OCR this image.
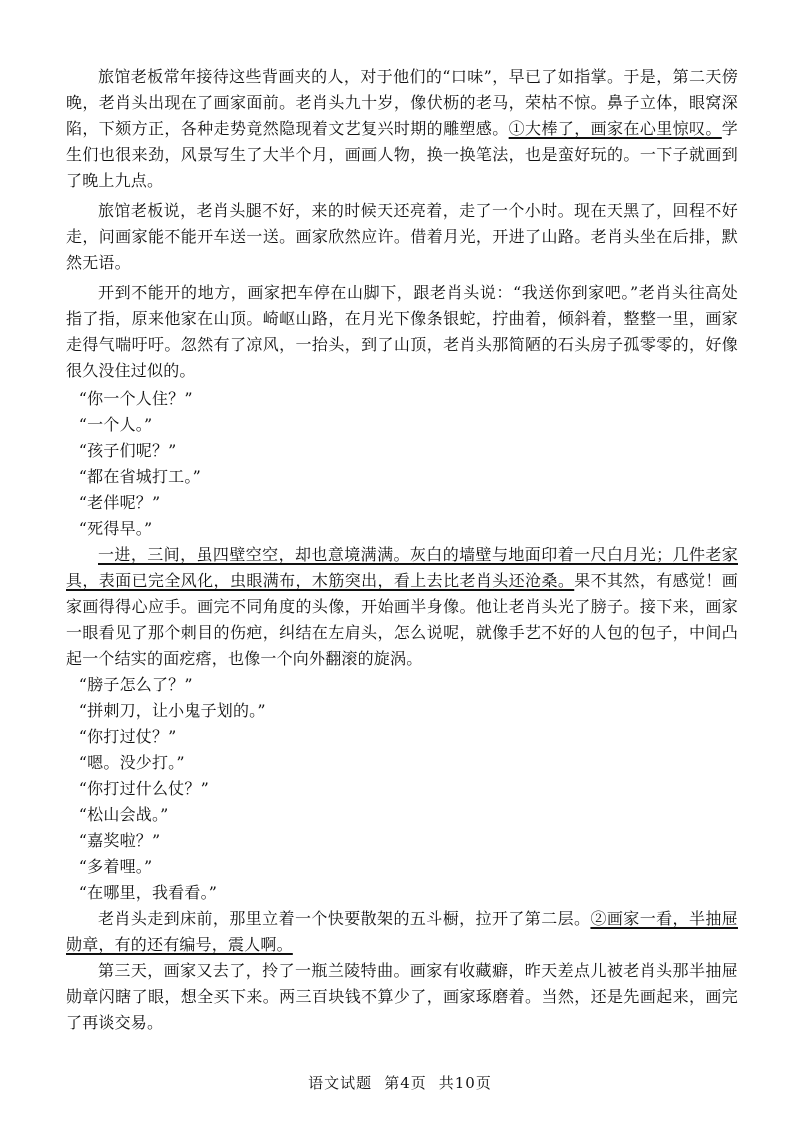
旅馆老板常年接待这些背画夹的人，对于他们的“口味”，早已了如指掌。于是，第二天傍晚，老肖头出现在了画家面前。老肖头九十岁，像伏枥的老马，荣枯不惊。鼻子立体，眼窝深陷，下颏方正，各种走势竟然隐现着文艺复兴时期的雕塑感。①大棒了，画家在心里惊叹。学生们也很来劲，风景写生了大半个月，画画人物，换一换笔法，也是蛮好玩的。一下子就画到了晚上九点。

旅馆老板说，老肖头腿不好，来的时候天还亮着，走了一个小时。现在天黑了，回程不好走，问画家能不能开车送一送。画家欣然应许。借着月光，开进了山路。老肖头坐在后排，默然无语。

开到不能开的地方，画家把车停在山脚下，跟老肖头说：“我送你到家吧。”老肖头往高处指了指，原来他家在山顶。崎岖山路，在月光下像条银蛇，拧曲着，倾斜着，整整一里，画家走得气喘吁吁。忽然有了凉风，一抬头，到了山顶，老肖头那简陋的石头房子孤零零的，好像很久没住过似的。

“你一个人住？”

“一个人。”

“孩子们呢？”

“都在省城打工。”

“老伴呢？”

“死得早。”

一进，三间，虽四壁空空，却也意境满满。灰白的墙壁与地面印着一尺白月光；几件老家具，表面已完全风化，虫眼满布，木筋突出，看上去比老肖头还沧桑。果不其然，有感觉！画家画得得心应手。画完不同角度的头像，开始画半身像。他让老肖头光了膀子。接下来，画家一眼看见了那个刺目的伤疤，纠结在左肩头，怎么说呢，就像手艺不好的人包的包子，中间凸起一个结实的面疙瘩，也像一个向外翻滚的旋涡。

“膀子怎么了？”

“拼刺刀，让小鬼子划的。”

“你打过仗？”

“嗯。没少打。”

“你打过什么仗？”

“松山会战。”

“嘉奖啦？”

“多着哩。”

“在哪里，我看看。”

老肖头走到床前，那里立着一个快要散架的五斗橱，拉开了第二层。②画家一看，半抽屉勋章，有的还有编号，震人啊。

第三天，画家又去了，拎了一瓶兰陵特曲。画家有收藏癖，昨天差点儿被老肖头那半抽屉勋章闪瞎了眼，想全买下来。两三百块钱不算少了，画家琢磨着。当然，还是先画起来，画完了再谈交易。

语文试题 第4页 共10页
